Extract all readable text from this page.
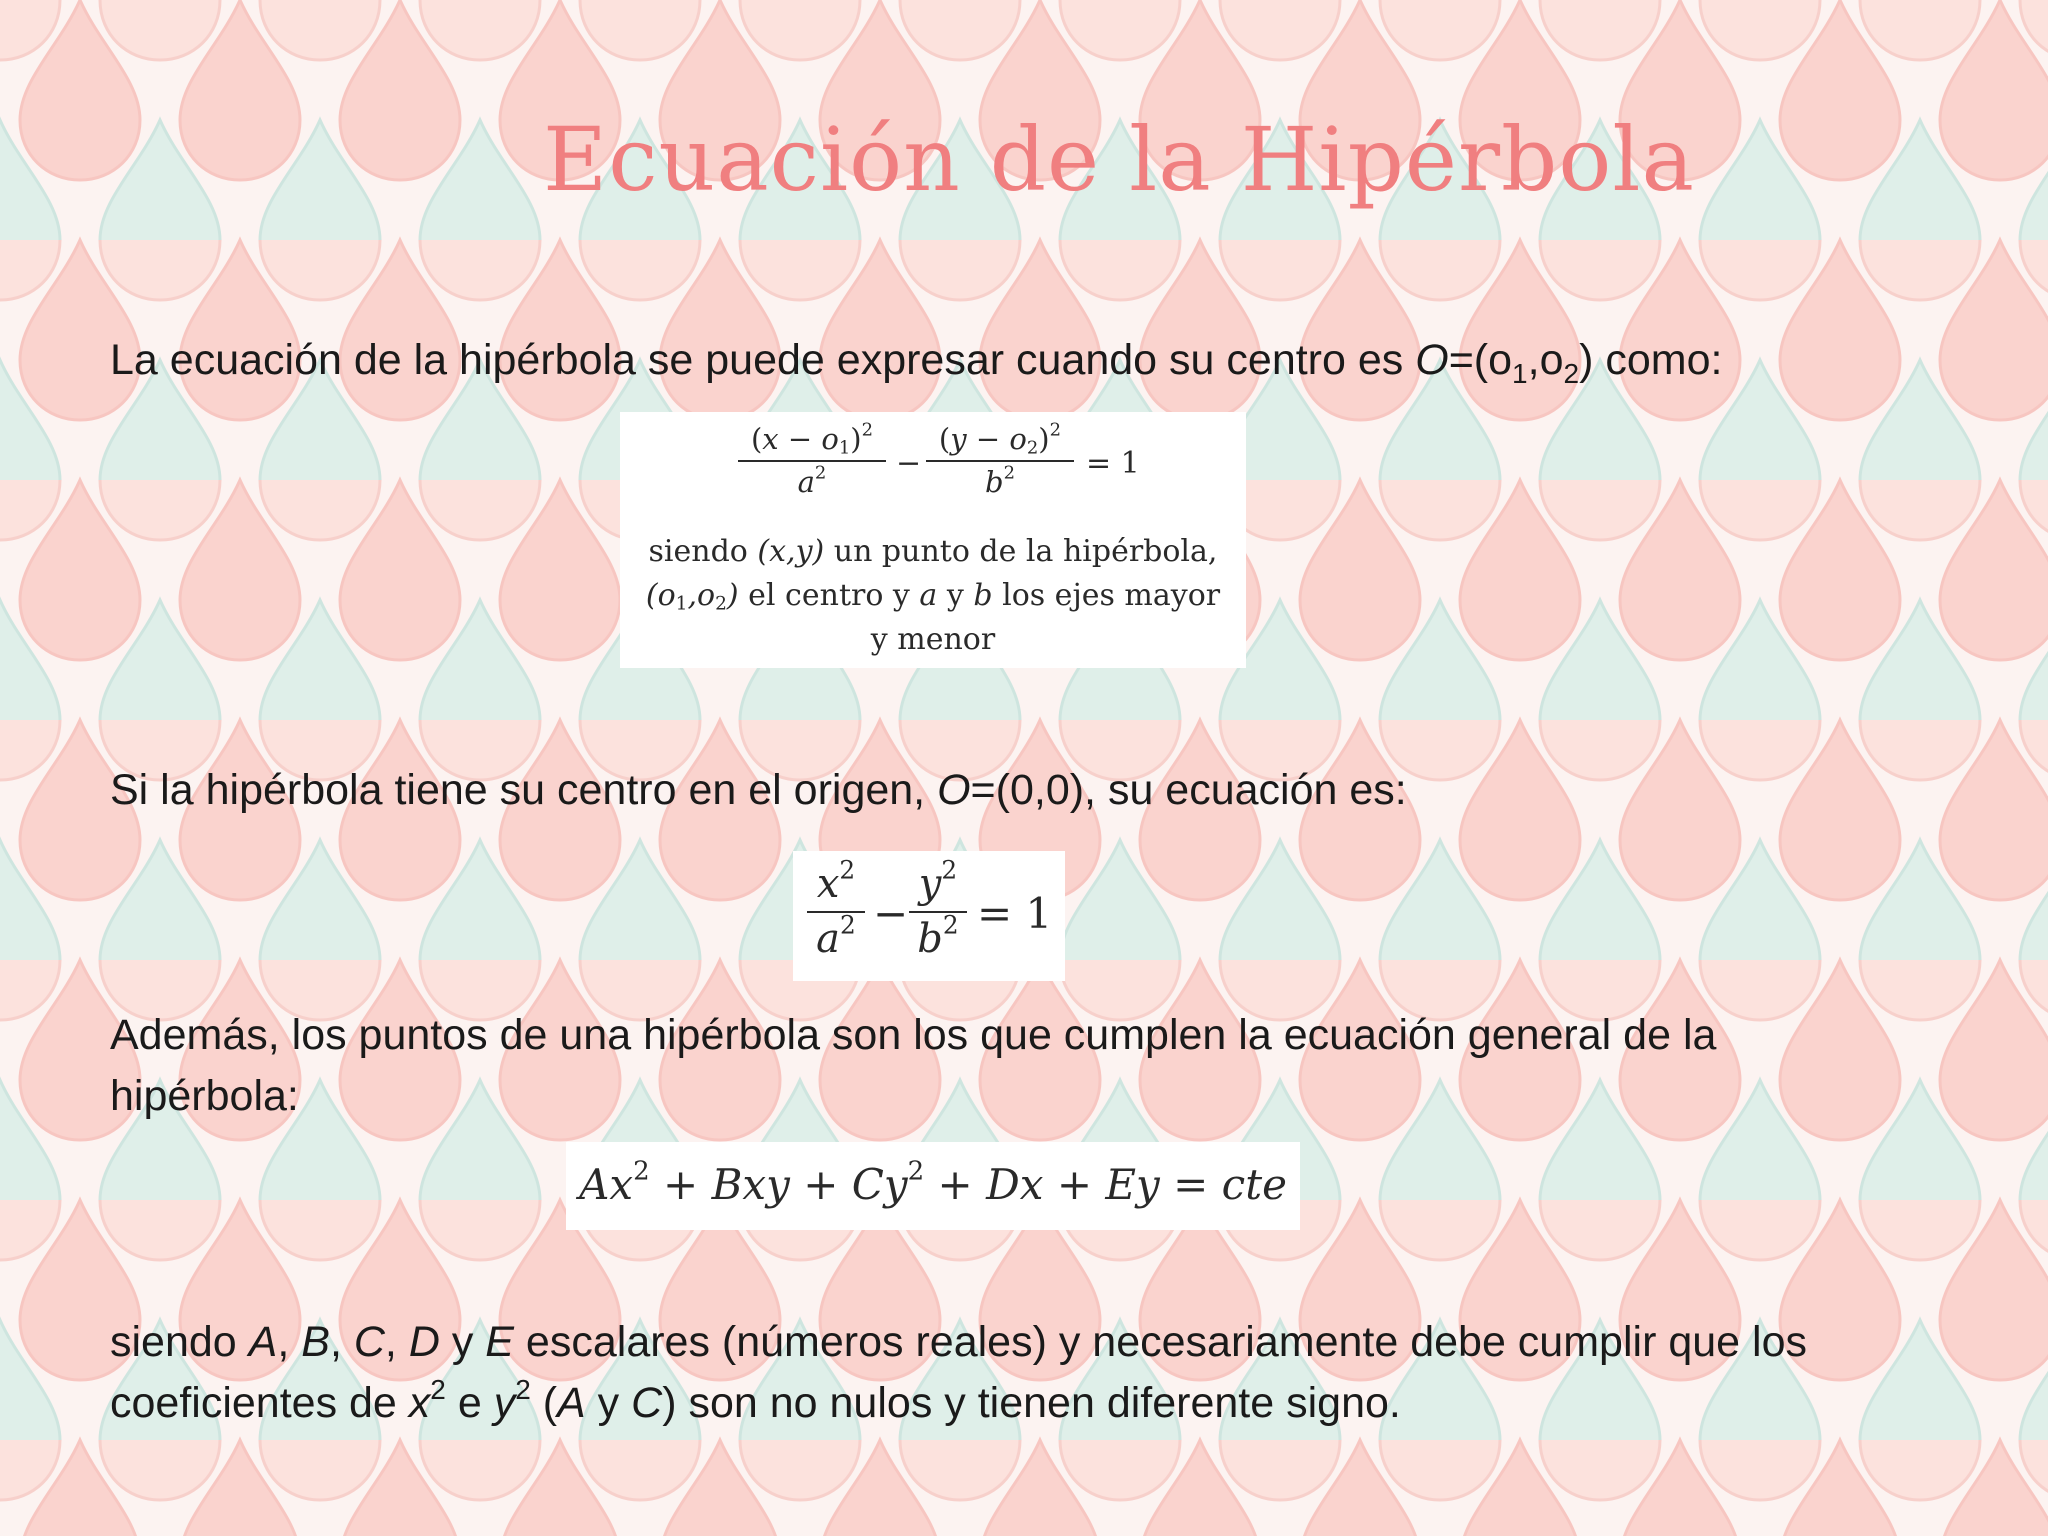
Ecuación de la Hipérbola

La ecuación de la hipérbola se puede expresar cuando su centro es $O=(o_1,o_2)$ como:

$(x - o_1)^2$
$a^2$	−
$(y - o_2)^2$
$b^2$	= 1
siendo (x,y) un punto de la hipérbola,
$(o_1,o_2)$ el centro y a y b los ejes mayor
y menor

Si la hipérbola tiene su centro en el origen, O=(0,0), su ecuación es:

$x^2$
$a^2$ −
$y^2$
$b^2 = 1$

Además, los puntos de una hipérbola son los que cumplen la ecuación general de la
hipérbola:

$Ax^2$ + Bxy + $Cy^2 + Dx + Ey$ = cte

siendo A, B, C, D y E escalares (números reales) y necesariamente debe cumplir que los
coeficientes de $x^2$ e $y^2$ (A y C) son no nulos y tienen diferente signo.
